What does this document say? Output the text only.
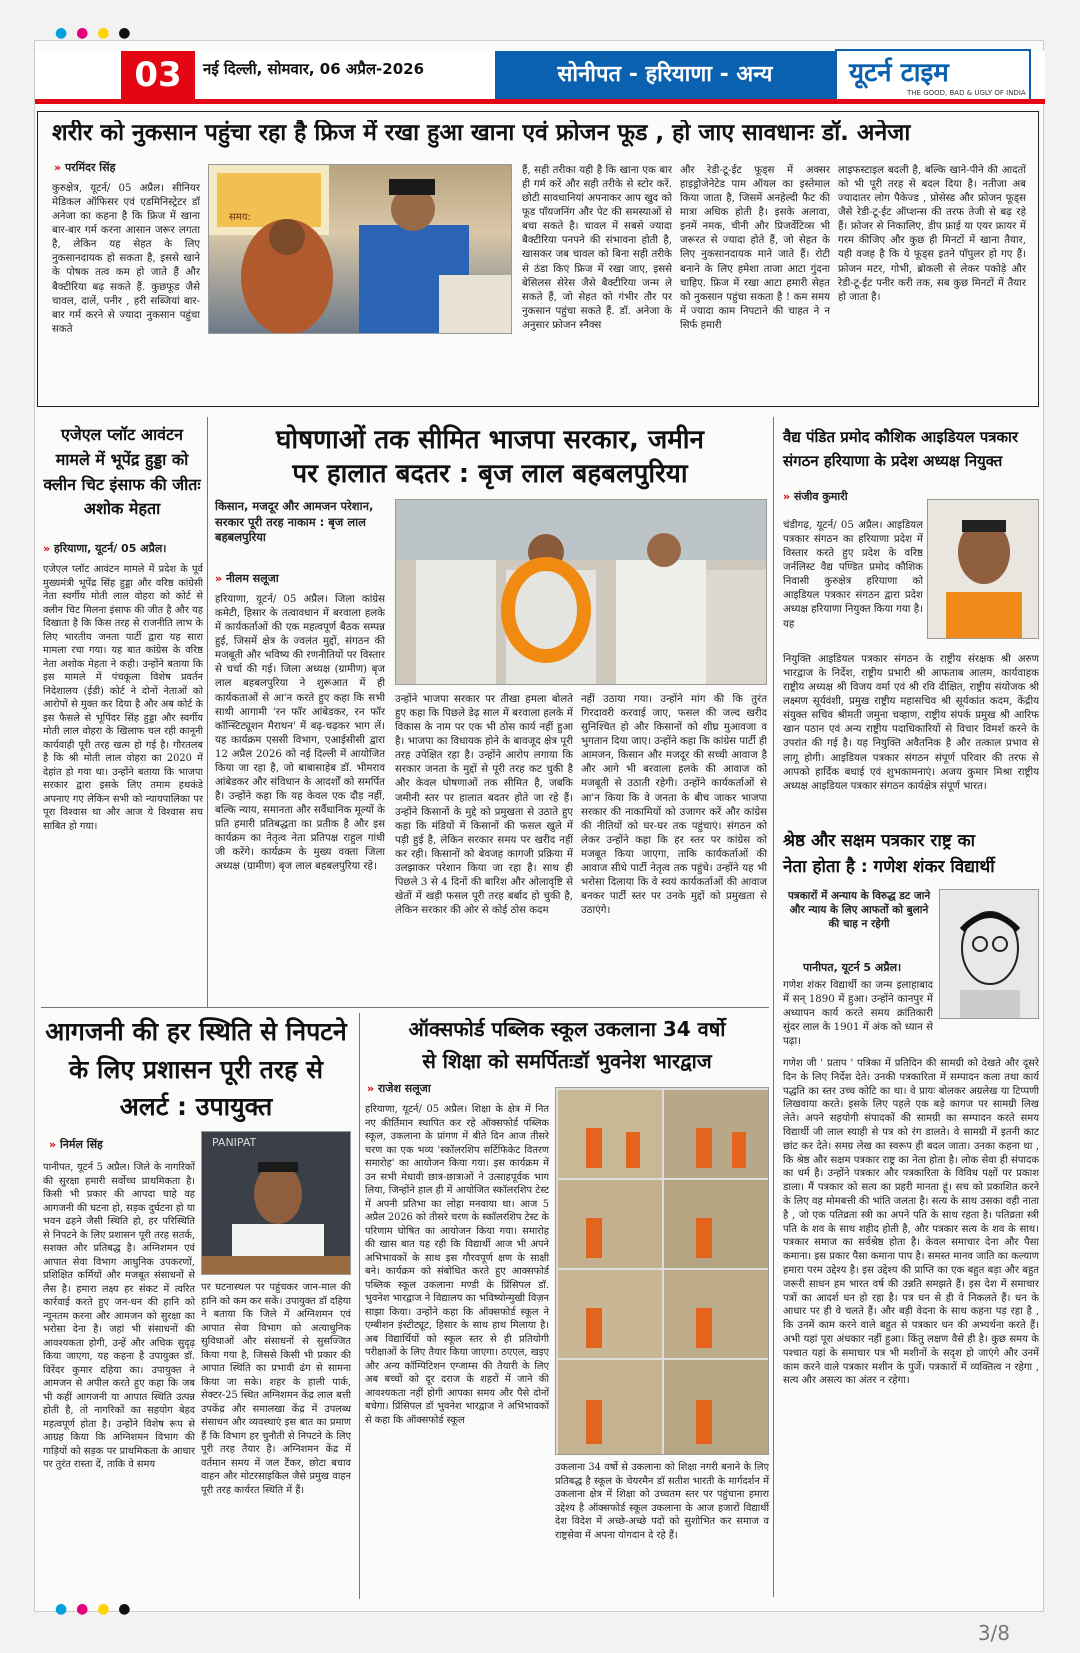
● ● ● ●
03	नई दिल्ली, सोमवार, 06 अप्रैल-2026	सोनीपत - हरियाणा - अन्य	यूटर्न टाइम
THE GOOD, BAD & UGLY OF INDIA
शरीर को नुकसान पहुंचा रहा है फ्रिज में रखा हुआ खाना एवं फ्रोजन फूड , हो जाए सावधानः डॉ. अनेजा
» परमिंदर सिंह
कुरुक्षेत्र, यूटर्न/ 05 अप्रैल। सीनियर मेडिकल ऑफिसर एवं एडमिनिस्ट्रेटर डॉ अनेजा का कहना है कि फ्रिज में खाना बार-बार गर्म करना आसान जरूर लगता है, लेकिन यह सेहत के लिए नुकसानदायक हो सकता है, इससे खाने के पोषक तत्व कम हो जाते हैं और बैक्टीरिया बढ़ सकते हैं. कुछफूड जैसे चावल, दालें, पनीर , हरी सब्जियां बार-बार गर्म करने से ज्यादा नुकसान पहुंचा सकते
समय:
हैं, सही तरीका यही है कि खाना एक बार ही गर्म करें और सही तरीके से स्टोर करें. छोटी सावधानियां अपनाकर आप खुद को फूड पॉयजनिंग और पेट की समस्याओं से बचा सकते है। चावल में सबसे ज्यादा बैक्टीरिया पनपने की संभावना होती है, खासकर जब चावल को बिना सही तरीके से ठंडा किए फ्रिज में रखा जाए, इससे बेसिलस सेरेस जैसे बैक्टीरिया जन्म ले सकते हैं, जो सेहत को गंभीर तौर पर नुकसान पहुंचा सकते हैं. डॉ. अनेजा के अनुसार फ्रोजन स्नैक्स
और रेडी-टू-ईट फूड्स में अक्सर हाइड्रोजेनेटेड पाम ऑयल का इस्तेमाल किया जाता है, जिसमें अनहेल्दी फैट की मात्रा अधिक होती है। इसके अलावा, इनमें नमक, चीनी और प्रिजर्वेटिव्स भी जरूरत से ज्यादा होते हैं, जो सेहत के लिए नुकसानदायक माने जाते हैं। रोटी बनाने के लिए हमेशा ताजा आटा गुंदना चाहिए. फ्रिज में रखा आटा हमारी सेहत को नुकसान पहुंचा सकता है ! कम समय में ज्यादा काम निपटाने की चाहत ने न सिर्फ हमारी
लाइफस्टाइल बदली है, बल्कि खाने-पीने की आदतों को भी पूरी तरह से बदल दिया है। नतीजा अब ज्यादातर लोग पैकेज्ड , प्रोसेस्ड और फ्रोजन फूड्स जैसे रेडी-टू-ईट ऑप्शन्स की तरफ तेजी से बढ़ रहे हैं। फ्रोजर से निकालिए, डीप फ्राई या एयर फ्रायर में गरम कीजिए और कुछ ही मिनटों में खाना तैयार, यही वजह है कि ये फूड्स इतने पॉपुलर हो गए हैं। फ्रोजन मटर, गोभी, ब्रोकली से लेकर पकोड़े और रेडी-टू-ईट पनीर करी तक, सब कुछ मिनटों में तैयार हो जाता है।
एजेएल प्लॉट आवंटन मामले में भूपेंद्र हुड्डा को क्लीन चिट इंसाफ की जीतः अशोक मेहता
» हरियाणा, यूटर्न/ 05 अप्रैल।
एजेएल प्लॉट आवंटन मामले में प्रदेश के पूर्व मुख्यमंत्री भूपेंद्र सिंह हुड्डा और वरिष्ठ कांग्रेसी नेता स्वर्गीय मोती लाल वोहरा को कोर्ट से क्लीन चिट मिलना इंसाफ की जीत है और यह दिखाता है कि किस तरह से राजनीति लाभ के लिए भारतीय जनता पार्टी द्वारा यह सारा मामला रचा गया। यह बात कांग्रेस के वरिष्ठ नेता अशोक मेहता ने कही। उन्होंने बताया कि इस मामले में पंचकूला विशेष प्रवर्तन निदेशालय (ईडी) कोर्ट ने दोनों नेताओं को आरोपों से मुक्त कर दिया है और अब कोर्ट के इस फैसले से भूपिंदर सिंह हुड्डा और स्वर्गीय मोती लाल वोहरा के खिलाफ चल रही कानूनी कार्यवाही पूरी तरह खत्म हो गई है। गौरतलब है कि श्री मोती लाल वोहरा का 2020 में देहांत हो गया था। उन्होंने बताया कि भाजपा सरकार द्वारा इसके लिए तमाम हथकंडे अपनाए गए लेकिन सभी को न्यायपालिका पर पूरा विश्वास था और आज ये विश्वास सच साबित हो गया।
घोषणाओं तक सीमित भाजपा सरकार, जमीन
पर हालात बदतर : बृज लाल बहबलपुरिया
किसान, मजदूर और आमजन परेशान, सरकार पूरी तरह नाकाम : बृज लाल बहबलपुरिया
» नीलम सलूजा
हरियाणा, यूटर्न/ 05 अप्रैल। जिला कांग्रेस कमेटी, हिसार के तत्वावधान में बरवाला हलके में कार्यकर्ताओं की एक महत्वपूर्ण बैठक सम्पन्न हुई, जिसमें क्षेत्र के ज्वलंत मुद्दों, संगठन की मजबूती और भविष्य की रणनीतियों पर विस्तार से चर्चा की गई। जिला अध्यक्ष (ग्रामीण) बृज लाल बहबलपुरिया ने शुरूआत में ही कार्यकताओं से आ'न करते हुए कहा कि सभी साथी आगामी 'रन फॉर आंबेडकर, रन फॉर कॉन्स्टिट्यूशन मैराथन' में बढ़-चढ़कर भाग लें। यह कार्यक्रम एससी विभाग, एआईसीसी द्वारा 12 अप्रैल 2026 को नई दिल्ली में आयोजित किया जा रहा है, जो बाबासाहेब डॉ. भीमराव आंबेडकर और संविधान के आदर्शों को समर्पित है। उन्होंने कहा कि यह केवल एक दौड़ नहीं, बल्कि न्याय, समानता और सर्वैधानिक मूल्यों के प्रति हमारी प्रतिबद्धता का प्रतीक है और इस कार्यक्रम का नेतृत्व नेता प्रतिपक्ष राहुल गांधी जी करेंगे। कार्यक्रम के मुख्य वक्ता जिला अध्यक्ष (ग्रामीण) बृज लाल बहबलपुरिया रहे।
उन्होंने भाजपा सरकार पर तीखा हमला बोलते हुए कहा कि पिछले डेढ़ साल में बरवाला हलके में विकास के नाम पर एक भी ठोस कार्य नहीं हुआ है। भाजपा का विधायक होने के बावजूद क्षेत्र पूरी तरह उपेक्षित रहा है। उन्होंने आरोप लगाया कि सरकार जनता के मुद्दों से पूरी तरह कट चुकी है और केवल घोषणाओं तक सीमित है, जबकि जमीनी स्तर पर हालात बदतर होते जा रहे हैं। उन्होंने किसानों के मुद्दे को प्रमुखता से उठाते हुए कहा कि मंडियों में किसानों की फसल खुले में पड़ी हुई है, लेकिन सरकार समय पर खरीद नहीं कर रही। किसानों को बेवजह कागजी प्रक्रिया में उलझाकर परेशान किया जा रहा है। साथ ही पिछले 3 से 4 दिनों की बारिश और ओलावृष्टि से खेतों में खड़ी फसल पूरी तरह बर्बाद हो चुकी है, लेकिन सरकार की ओर से कोई ठोस कदम
नहीं उठाया गया। उन्होंने मांग की कि तुरंत गिरदावरी करवाई जाए, फसल की जल्द खरीद सुनिश्चित हो और किसानों को शीघ्र मुआवजा व भुगतान दिया जाए। उन्होंने कहा कि कांग्रेस पार्टी ही आमजन, किसान और मजदूर की सच्ची आवाज है और आगे भी बरवाला हलके की आवाज को मजबूती से उठाती रहेगी। उन्होंने कार्यकर्ताओं से आ'न किया कि वे जनता के बीच जाकर भाजपा सरकार की नाकामियों को उजागर करें और कांग्रेस की नीतियों को घर-घर तक पहुंचाएं। संगठन को लेकर उन्होंने कहा कि हर स्तर पर कांग्रेस को मजबूत किया जाएगा, ताकि कार्यकर्ताओं की आवाज सीधे पार्टी नेतृत्व तक पहुंचे। उन्होंने यह भी भरोसा दिलाया कि वे स्वयं कार्यकर्ताओं की आवाज बनकर पार्टी स्तर पर उनके मुद्दों को प्रमुखता से उठाएंगे।
वैद्य पंडित प्रमोद कौशिक आइडियल पत्रकार संगठन हरियाणा के प्रदेश अध्यक्ष नियुक्त
» संजीव कुमारी
चंडीगढ़, यूटर्न/ 05 अप्रैल। आइडियल पत्रकार संगठन का हरियाणा प्रदेश में विस्तार करते हुए प्रदेश के वरिष्ठ जर्नलिस्ट वैद्य पण्डित प्रमोद कौशिक निवासी कुरुक्षेत्र हरियाणा को आइडियल पत्रकार संगठन द्वारा प्रदेश अध्यक्ष हरियाणा नियुक्त किया गया है। यह
नियुक्ति आइडियल पत्रकार संगठन के राष्ट्रीय संरक्षक श्री अरुण भारद्वाज के निर्देश, राष्ट्रीय प्रभारी श्री आफताब आलम, कार्यवाहक राष्ट्रीय अध्यक्ष श्री विजय वर्मा एवं श्री रवि दीक्षित, राष्ट्रीय संयोजक श्री लक्ष्मण सूर्यवंशी, प्रमुख राष्ट्रीय महासचिव श्री सूर्यकांत कदम, केंद्रीय संयुक्त सचिव श्रीमती जमुना चव्हाण, राष्ट्रीय संपर्क प्रमुख श्री आरिफ खान पठान एवं अन्य राष्ट्रीय पदाधिकारियों से विचार विमर्श करने के उपरांत की गई है। यह नियुक्ति अवैतनिक है और तत्काल प्रभाव से लागू होगी। आइडियल पत्रकार संगठन संपूर्ण परिवार की तरफ से आपको हार्दिक बधाई एवं शुभकामनाएं। अजय कुमार मिश्रा राष्ट्रीय अध्यक्ष आइडियल पत्रकार संगठन कार्यक्षेत्र संपूर्ण भारत।
श्रेष्ठ और सक्षम पत्रकार राष्ट्र का
नेता होता है : गणेश शंकर विद्यार्थी
पत्रकारों में अन्याय के विरुद्ध डट जाने और न्याय के लिए आफतों को बुलाने की चाह न रहेगी
पानीपत, यूटर्न 5 अप्रैल।
गणेश शंकर विद्यार्थी का जन्म इलाहाबाद में सन् 1890 में हुआ। उन्होंने कानपुर में अध्यापन कार्य करते समय क्रांतिकारी सुंदर लाल के 1901 में अंक को ध्यान से पढ़ा।
गणेश जी ' प्रताप ' पत्रिका में प्रतिदिन की सामग्री को देखते और दूसरे दिन के लिए निर्देश देते। उनकी पत्रकारिता में सम्पादन कला तथा कार्य पद्धति का स्तर उच्च कोटि का था। वे प्रायः बोलकर अग्रलेख या टिप्पणी लिखवाया करते। इसके लिए पहले एक बड़े कागज पर सामग्री लिख लेते। अपने सहयोगी संपादकों की सामग्री का सम्पादन करते समय विद्यार्थी जी लाल स्याही से पत्र को रंग डालते। वे सामग्री में इतनी काट छांट कर देते। समग्र लेख का स्वरूप ही बदल जाता। उनका कहना था , कि श्रेष्ठ और सक्षम पत्रकार राष्ट्र का नेता होता है। लोक सेवा ही संपादक का धर्म है। उन्होंने पत्रकार और पत्रकारिता के विविध पक्षों पर प्रकाश डाला। मैं पत्रकार को सत्य का प्रहरी मानता हूं। सच को प्रकाशित करने के लिए वह मोमबत्ती की भांति जलता है। सत्य के साथ उसका वही नाता है , जो एक पतिव्रता स्त्री का अपने पति के साथ रहता है। पतिव्रता स्त्री पति के शव के साथ शहीद होती है, और पत्रकार सत्य के शव के साथ। पत्रकार समाज का सर्वश्रेष्ठ होता है। केवल समाचार देना और पैसा कमाना। इस प्रकार पैसा कमाना पाप है। समस्त मानव जाति का कल्याण हमारा परम उद्देश्य है। इस उद्देश्य की प्राप्ति का एक बहुत बड़ा और बहुत जरूरी साधन हम भारत वर्ष की उन्नति समझते हैं। इस देश में समाचार पत्रों का आदर्श धन हो रहा है। पत्र धन से ही वे निकलते हैं। धन के आधार पर ही वे चलते हैं। और बड़ी वेदना के साथ कहना पड़ रहा है , कि उनमें काम करने वाले बहुत से पत्रकार धन की अभ्यर्थना करते हैं। अभी यहां पूरा अंधकार नहीं हुआ। किंतु लक्षण वैसे ही है। कुछ समय के पश्चात यहां के समाचार पत्र भी मशीनों के सदृश हो जाएंगे और उनमें काम करने वाले पत्रकार मशीन के पुर्जे। पत्रकारों में व्यक्तित्व न रहेगा , सत्य और असत्य का अंतर न रहेगा।
आगजनी की हर स्थिति से निपटने के लिए प्रशासन पूरी तरह से अलर्ट : उपायुक्त
» निर्मल सिंह
पानीपत, यूटर्न 5 अप्रैल। जिले के नागरिकों की सुरक्षा हमारी सर्वोच्च प्राथमिकता है। किसी भी प्रकार की आपदा चाहे वह आगजनी की घटना हो, सड़क दुर्घटना हो या भवन ढहने जैसी स्थिति हो, हर परिस्थिति से निपटने के लिए प्रशासन पूरी तरह सतर्क, सशक्त और प्रतिबद्ध है। अग्निशमन एवं आपात सेवा विभाग आधुनिक उपकरणों, प्रशिक्षित कर्मियों और मजबूत संसाधनों से लैस है। हमारा लक्ष्य हर संकट में त्वरित कार्रवाई करते हुए जन-धन की हानि को न्यूनतम करना और आमजन को सुरक्षा का भरोसा देना है। जहां भी संसाधनों की आवश्यकता होगी, उन्हें और अधिक सुदृढ़ किया जाएगा, यह कहना है उपायुक्त डॉ. विरेंदर कुमार दहिया का। उपायुक्त ने आमजन से अपील करते हुए कहा कि जब भी कहीं आगजनी या आपात स्थिति उत्पन्न होती है, तो नागरिकों का सहयोग बेहद महत्वपूर्ण होता है। उन्होंने विशेष रूप से आग्रह किया कि अग्निशमन विभाग की गाड़ियों को सड़क पर प्राथमिकता के आधार पर तुरंत रास्ता दें, ताकि वे समय
PANIPAT
पर घटनास्थल पर पहुंचकर जान-माल की हानि को कम कर सकें। उपायुक्त डॉ दहिया ने बताया कि जिले में अग्निशमन एवं आपात सेवा विभाग को अत्याधुनिक सुविधाओं और संसाधनों से सुसज्जित किया गया है, जिससे किसी भी प्रकार की आपात स्थिति का प्रभावी ढंग से सामना किया जा सके। शहर के हाली पार्क, सेक्टर-25 स्थित अग्निशमन केंद्र लाल बत्ती उपकेंद्र और समालखा केंद्र में उपलब्ध संसाधन और व्यवस्थाएं इस बात का प्रमाण हैं कि विभाग हर चुनौती से निपटने के लिए पूरी तरह तैयार है। अग्निशमन केंद्र में वर्तमान समय में जल टैंकर, छोटा बचाव वाहन और मोटरसाइकिल जैसे प्रमुख वाहन पूरी तरह कार्यरत स्थिति में हैं।
ऑक्सफोर्ड पब्लिक स्कूल उकलाना 34 वर्षो
से शिक्षा को समर्पितःडॉ भुवनेश भारद्वाज
» राजेश सलूजा
हरियाणा, यूटर्न/ 05 अप्रैल। शिक्षा के क्षेत्र में नित नए कीर्तिमान स्थापित कर रहे ऑक्सफोर्ड पब्लिक स्कूल, उकलाना के प्रांगण में बीते दिन आज तीसरे चरण का एक भव्य 'स्कॉलरशिप सर्टिफिकेट वितरण समारोह' का आयोजन किया गया। इस कार्यक्रम में उन सभी मेधावी छात्र-छात्राओं ने उत्साहपूर्वक भाग लिया, जिन्होंने हाल ही में आयोजित स्कॉलरशिप टेस्ट में अपनी प्रतिभा का लोहा मनवाया था। आज 5 अप्रैल 2026 को तीसरे चरण के स्कॉलरशिप टेस्ट के परिणाम घोषित का आयोजन किया गया। समारोह की खास बात यह रही कि विद्यार्थी आज भी अपने अभिभावकों के साथ इस गौरवपूर्ण क्षण के साक्षी बने। कार्यक्रम को संबोधित करते हुए आक्सफोर्ड पब्लिक स्कूल उकलाना मण्डी के प्रिंसिपल डॉ. भुवनेश भारद्वाज ने विद्यालय का भविष्योन्मुखी विज़न साझा किया। उन्होंने कहा कि ऑक्सफोर्ड स्कूल ने एम्बीशन इंस्टीट्यूट, हिसार के साथ हाथ मिलाया है। अब विद्यार्थियों को स्कूल स्तर से ही प्रतियोगी परीक्षाओं के लिए तैयार किया जाएगा। ठएएल, खइए और अन्य कॉम्पिटिशन एग्जाम्स की तैयारी के लिए अब बच्चों को दूर दराज के शहरों में जाने की आवश्यकता नहीं होगी आपका समय और पैसे दोनों बचेगा। प्रिंसिपल डॉ भुवनेश भारद्वाज ने अभिभावकों से कहा कि ऑक्सफोर्ड स्कूल
उकलाना 34 वर्षो से उकलाना को शिक्षा नगरी बनाने के लिए प्रतिबद्ध है स्कूल के चेयरमैन डॉ सतीश भारती के मार्गदर्शन में उकलाना क्षेत्र में शिक्षा को उच्चतम स्तर पर पहुंचाना हमारा उद्देश्य है ऑक्सफोर्ड स्कूल उकलाना के आज हजारों विद्यार्थी देश विदेश में अच्छे-अच्छे पदों को सुशोभित कर समाज व राष्ट्रसेवा में अपना योगदान दे रहे हैं।
● ● ● ●
3/8
